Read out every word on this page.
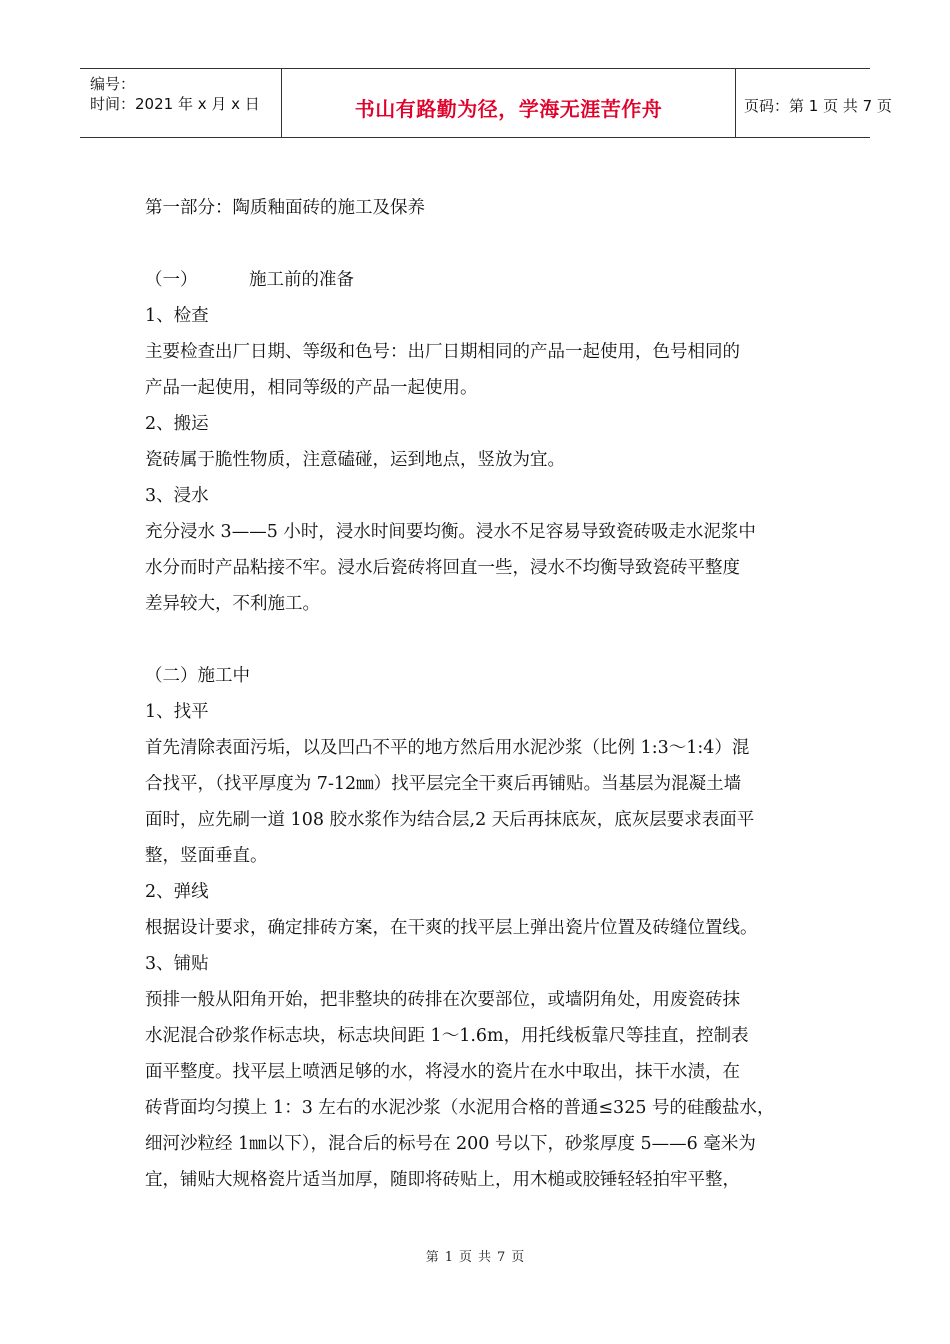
编号：
时间：2021 年 x 月 x 日	书山有路勤为径，学海无涯苦作舟	页码：第 1 页 共 7 页
第一部分：陶质釉面砖的施工及保养
（一）	施工前的准备
1、检查
主要检查出厂日期、等级和色号：出厂日期相同的产品一起使用，色号相同的
产品一起使用，相同等级的产品一起使用。
2、搬运
瓷砖属于脆性物质，注意磕碰，运到地点，竖放为宜。
3、浸水
充分浸水 3——5 小时，浸水时间要均衡。浸水不足容易导致瓷砖吸走水泥浆中
水分而时产品粘接不牢。浸水后瓷砖将回直一些，浸水不均衡导致瓷砖平整度
差异较大，不利施工。
（二）施工中
1、找平
首先清除表面污垢，以及凹凸不平的地方然后用水泥沙浆（比例 1:3～1:4）混
合找平，（找平厚度为 7-12㎜）找平层完全干爽后再铺贴。当基层为混凝土墙
面时，应先刷一道 108 胶水浆作为结合层,2 天后再抹底灰，底灰层要求表面平
整，竖面垂直。
2、弹线
根据设计要求，确定排砖方案，在干爽的找平层上弹出瓷片位置及砖缝位置线。
3、铺贴
预排一般从阳角开始，把非整块的砖排在次要部位，或墙阴角处，用废瓷砖抹
水泥混合砂浆作标志块，标志块间距 1～1.6m，用托线板靠尺等挂直，控制表
面平整度。找平层上喷洒足够的水，将浸水的瓷片在水中取出，抹干水渍，在
砖背面均匀摸上 1：3 左右的水泥沙浆（水泥用合格的普通≤325 号的硅酸盐水，
细河沙粒经 1㎜以下），混合后的标号在 200 号以下，砂浆厚度 5——6 毫米为
宜，铺贴大规格瓷片适当加厚，随即将砖贴上，用木槌或胶锤轻轻拍牢平整，
第 1 页 共 7 页
